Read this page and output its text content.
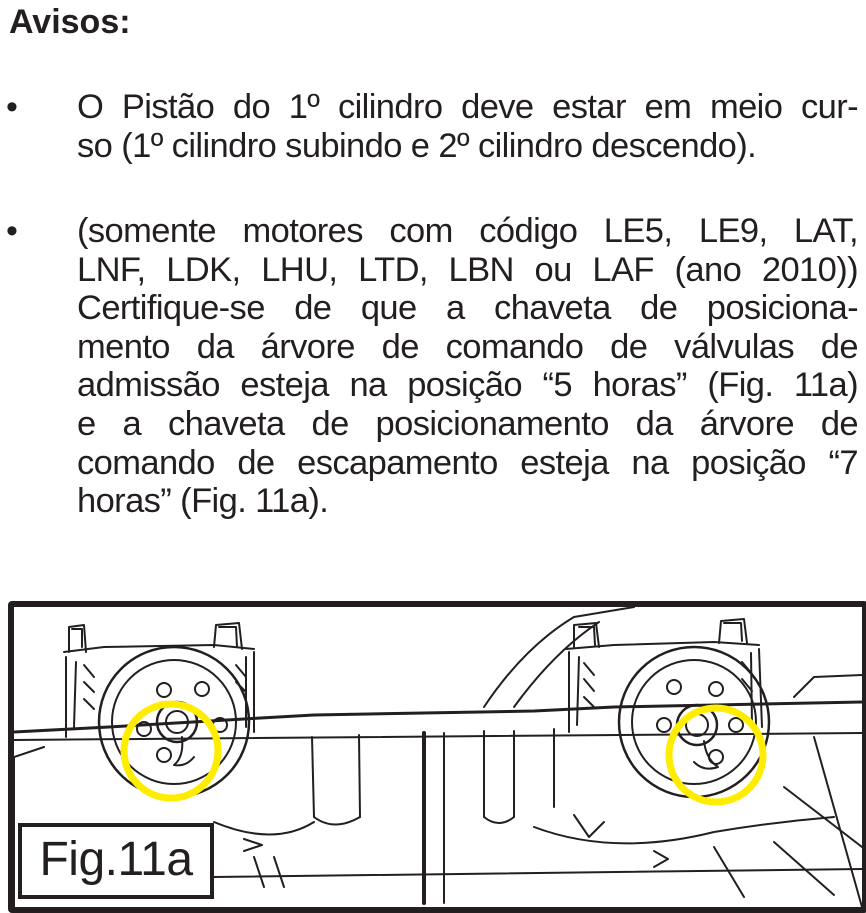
Avisos:
• O Pistão do 1º cilindro deve estar em meio cur-
so (1º cilindro subindo e 2º cilindro descendo).
• (somente motores com código LE5, LE9, LAT,
LNF, LDK, LHU, LTD, LBN ou LAF (ano 2010))
Certifique-se de que a chaveta de posiciona-
mento da árvore de comando de válvulas de
admissão esteja na posição “5 horas” (Fig. 11a)
e a chaveta de posicionamento da árvore de
comando de escapamento esteja na posição “7
horas” (Fig. 11a).
Fig.11a
